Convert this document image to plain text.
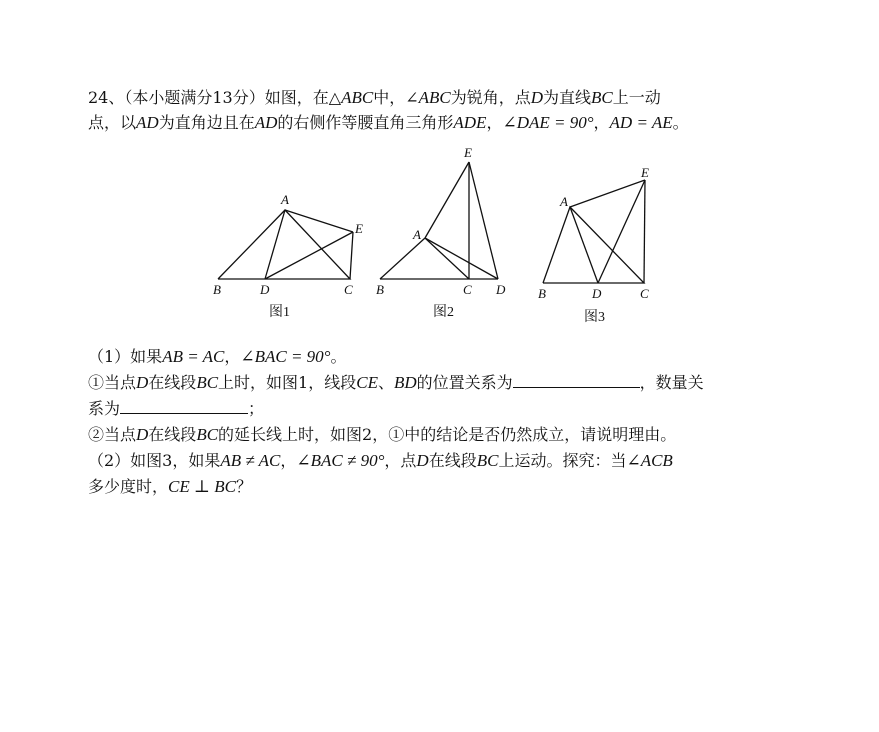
24、（本小题满分13分）如图，在△ABC中，∠ABC为锐角，点D为直线BC上一动
点，以AD为直角边且在AD的右侧作等腰直角三角形ADE，∠DAE = 90°，AD = AE。
A
B	D	C
E
图1
A
B	C D
E
图2
A
B	D	C
E
图3
（1）如果AB = AC，∠BAC = 90°。
①当点D在线段BC上时，如图1，线段CE、BD的位置关系为	，数量关
系为	；
②当点D在线段BC的延长线上时，如图2，①中的结论是否仍然成立，请说明理由。
（2）如图3，如果AB ≠ AC，∠BAC ≠ 90°，点D在线段BC上运动。探究：当∠ACB
多少度时，CE ⊥ BC？
